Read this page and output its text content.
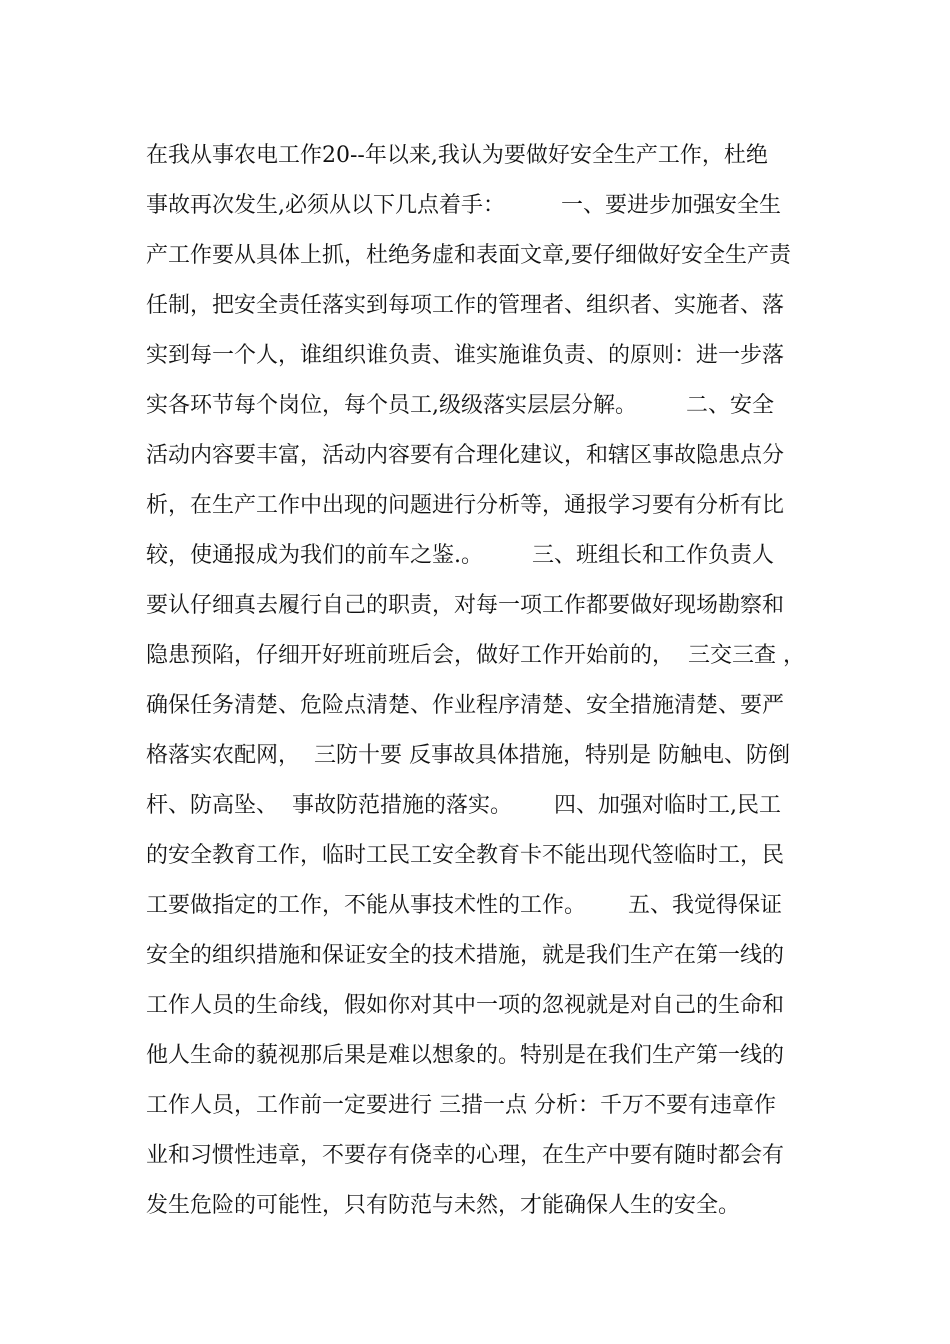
在我从事农电工作20--年以来,我认为要做好安全生产工作，杜绝
事故再次发生,必须从以下几点着手：        一、要进步加强安全生
产工作要从具体上抓，杜绝务虚和表面文章,要仔细做好安全生产责
任制，把安全责任落实到每项工作的管理者、组织者、实施者、落
实到每一个人，谁组织谁负责、谁实施谁负责、的原则：进一步落
实各环节每个岗位，每个员工,级级落实层层分解。       二、安全
活动内容要丰富，活动内容要有合理化建议，和辖区事故隐患点分
析，在生产工作中出现的问题进行分析等，通报学习要有分析有比
较，使通报成为我们的前车之鉴.。       三、班组长和工作负责人
要认仔细真去履行自己的职责，对每一项工作都要做好现场勘察和
隐患预陷，仔细开好班前班后会，做好工作开始前的，  三交三查 ，
确保任务清楚、危险点清楚、作业程序清楚、安全措施清楚、要严
格落实农配网，  三防十要 反事故具体措施，特别是 防触电、防倒
杆、防高坠、  事故防范措施的落实。      四、加强对临时工,民工
的安全教育工作，临时工民工安全教育卡不能出现代签临时工，民
工要做指定的工作，不能从事技术性的工作。      五、我觉得保证
安全的组织措施和保证安全的技术措施，就是我们生产在第一线的
工作人员的生命线，假如你对其中一项的忽视就是对自己的生命和
他人生命的藐视那后果是难以想象的。特别是在我们生产第一线的
工作人员，工作前一定要进行 三措一点 分析：千万不要有违章作
业和习惯性违章，不要存有侥幸的心理，在生产中要有随时都会有
发生危险的可能性，只有防范与未然，才能确保人生的安全。
